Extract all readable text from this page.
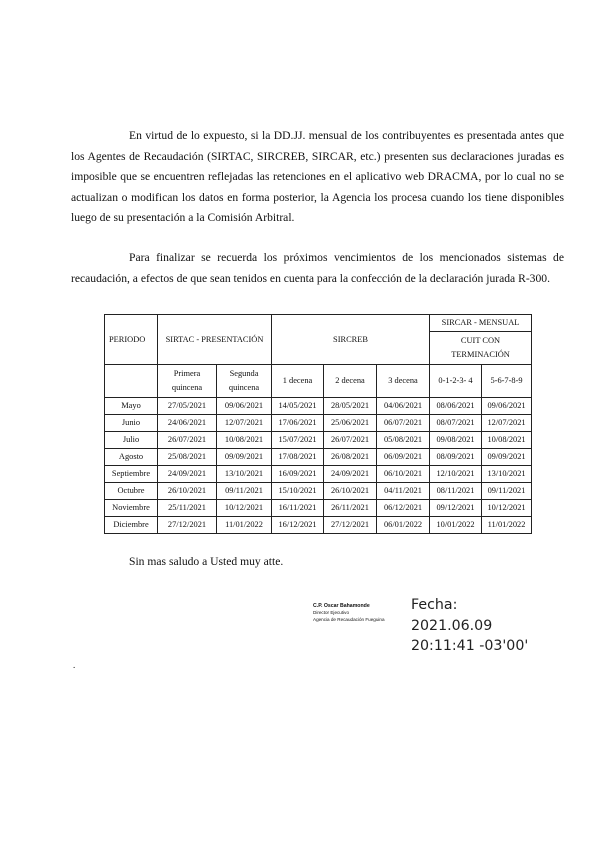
En virtud de lo expuesto, si la DD.JJ. mensual de los contribuyentes es presentada antes que los Agentes de Recaudación (SIRTAC, SIRCREB, SIRCAR, etc.) presenten sus declaraciones juradas es imposible que se encuentren reflejadas las retenciones en el aplicativo web DRACMA, por lo cual no se actualizan o modifican los datos en forma posterior, la Agencia los procesa cuando los tiene disponibles luego de su presentación a la Comisión Arbitral.
Para finalizar se recuerda los próximos vencimientos de los mencionados sistemas de recaudación, a efectos de que sean tenidos en cuenta para la confección de la declaración jurada R-300.
PERIODO	SIRTAC - PRESENTACIÓN		SIRCREB			SIRCAR - MENSUAL	
						CUIT CON TERMINACIÓN	
	Primera quincena	Segunda quincena	1 decena	2 decena	3 decena	0-1-2-3- 4	5-6-7-8-9
Mayo	27/05/2021	09/06/2021	14/05/2021	28/05/2021	04/06/2021	08/06/2021	09/06/2021
Junio	24/06/2021	12/07/2021	17/06/2021	25/06/2021	06/07/2021	08/07/2021	12/07/2021
Julio	26/07/2021	10/08/2021	15/07/2021	26/07/2021	05/08/2021	09/08/2021	10/08/2021
Agosto	25/08/2021	09/09/2021	17/08/2021	26/08/2021	06/09/2021	08/09/2021	09/09/2021
Septiembre	24/09/2021	13/10/2021	16/09/2021	24/09/2021	06/10/2021	12/10/2021	13/10/2021
Octubre	26/10/2021	09/11/2021	15/10/2021	26/10/2021	04/11/2021	08/11/2021	09/11/2021
Noviembre	25/11/2021	10/12/2021	16/11/2021	26/11/2021	06/12/2021	09/12/2021	10/12/2021
Diciembre	27/12/2021	11/01/2022	16/12/2021	27/12/2021	06/01/2022	10/01/2022	11/01/2022
Sin mas saludo a Usted muy atte.
C.P. Oscar Bahamonde
Director Ejecutivo
Agencia de Recaudación Fueguina
Fecha:
2021.06.09
20:11:41 -03'00'
.
